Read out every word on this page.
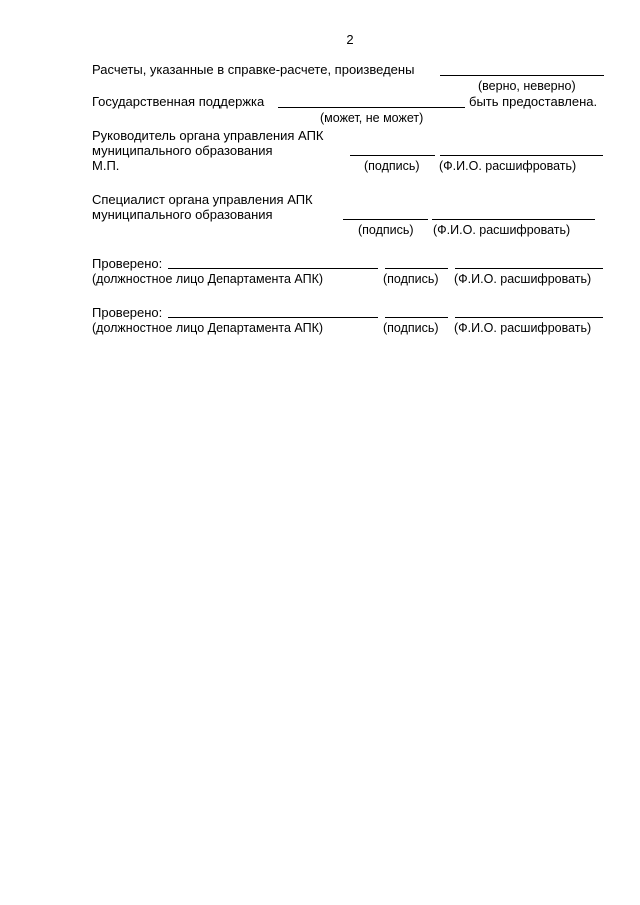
2
Расчеты, указанные в справке-расчете, произведены
(верно, неверно)
Государственная поддержка	быть предоставлена.
(может, не может)
Руководитель органа управления АПК
муниципального образования
М.П.	(подпись) (Ф.И.О. расшифровать)
Специалист органа управления АПК
муниципального образования
(подпись) (Ф.И.О. расшифровать)
Проверено:
(должностное лицо Департамента АПК)	(подпись) (Ф.И.О. расшифровать)
Проверено:
(должностное лицо Департамента АПК)	(подпись) (Ф.И.О. расшифровать)
